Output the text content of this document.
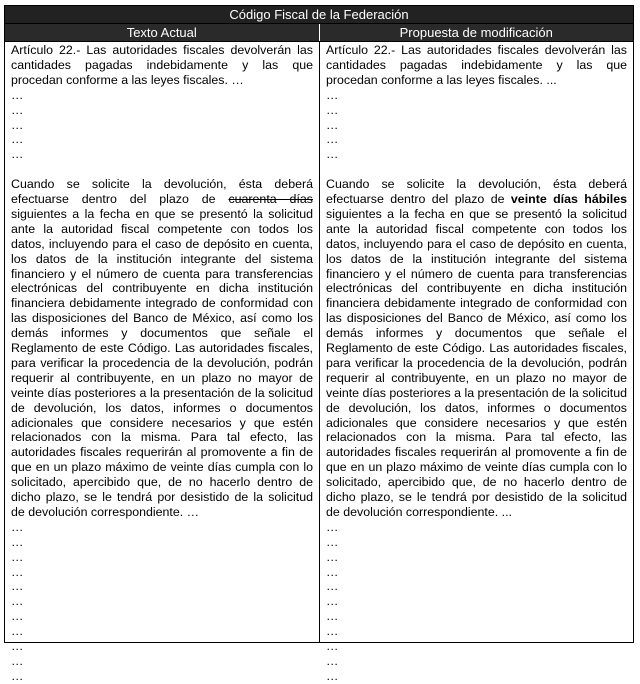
Código Fiscal de la Federación
Texto Actual	Propuesta de modificación

Artículo 22.- Las autoridades fiscales devolverán las cantidades pagadas indebidamente y las que procedan conforme a las leyes fiscales. …

…
…
…
…
…

Cuando se solicite la devolución, ésta deberá efectuarse dentro del plazo de cuarenta días siguientes a la fecha en que se presentó la solicitud ante la autoridad fiscal competente con todos los datos, incluyendo para el caso de depósito en cuenta, los datos de la institución integrante del sistema financiero y el número de cuenta para transferencias electrónicas del contribuyente en dicha institución financiera debidamente integrado de conformidad con las disposiciones del Banco de México, así como los demás informes y documentos que señale el Reglamento de este Código. Las autoridades fiscales, para verificar la procedencia de la devolución, podrán requerir al contribuyente, en un plazo no mayor de veinte días posteriores a la presentación de la solicitud de devolución, los datos, informes o documentos adicionales que considere necesarios y que estén relacionados con la misma. Para tal efecto, las autoridades fiscales requerirán al promovente a fin de que en un plazo máximo de veinte días cumpla con lo solicitado, apercibido que, de no hacerlo dentro de dicho plazo, se le tendrá por desistido de la solicitud de devolución correspondiente. …

…
…
…
…
…
…
…
…
…
…
…

Artículo 22.- Las autoridades fiscales devolverán las cantidades pagadas indebidamente y las que procedan conforme a las leyes fiscales. ...

…
…
…
…
…

Cuando se solicite la devolución, ésta deberá efectuarse dentro del plazo de veinte días hábiles siguientes a la fecha en que se presentó la solicitud ante la autoridad fiscal competente con todos los datos, incluyendo para el caso de depósito en cuenta, los datos de la institución integrante del sistema financiero y el número de cuenta para transferencias electrónicas del contribuyente en dicha institución financiera debidamente integrado de conformidad con las disposiciones del Banco de México, así como los demás informes y documentos que señale el Reglamento de este Código. Las autoridades fiscales, para verificar la procedencia de la devolución, podrán requerir al contribuyente, en un plazo no mayor de veinte días posteriores a la presentación de la solicitud de devolución, los datos, informes o documentos adicionales que considere necesarios y que estén relacionados con la misma. Para tal efecto, las autoridades fiscales requerirán al promovente a fin de que en un plazo máximo de veinte días cumpla con lo solicitado, apercibido que, de no hacerlo dentro de dicho plazo, se le tendrá por desistido de la solicitud de devolución correspondiente. ...

…
…
…
…
…
…
…
…
…
…
…
